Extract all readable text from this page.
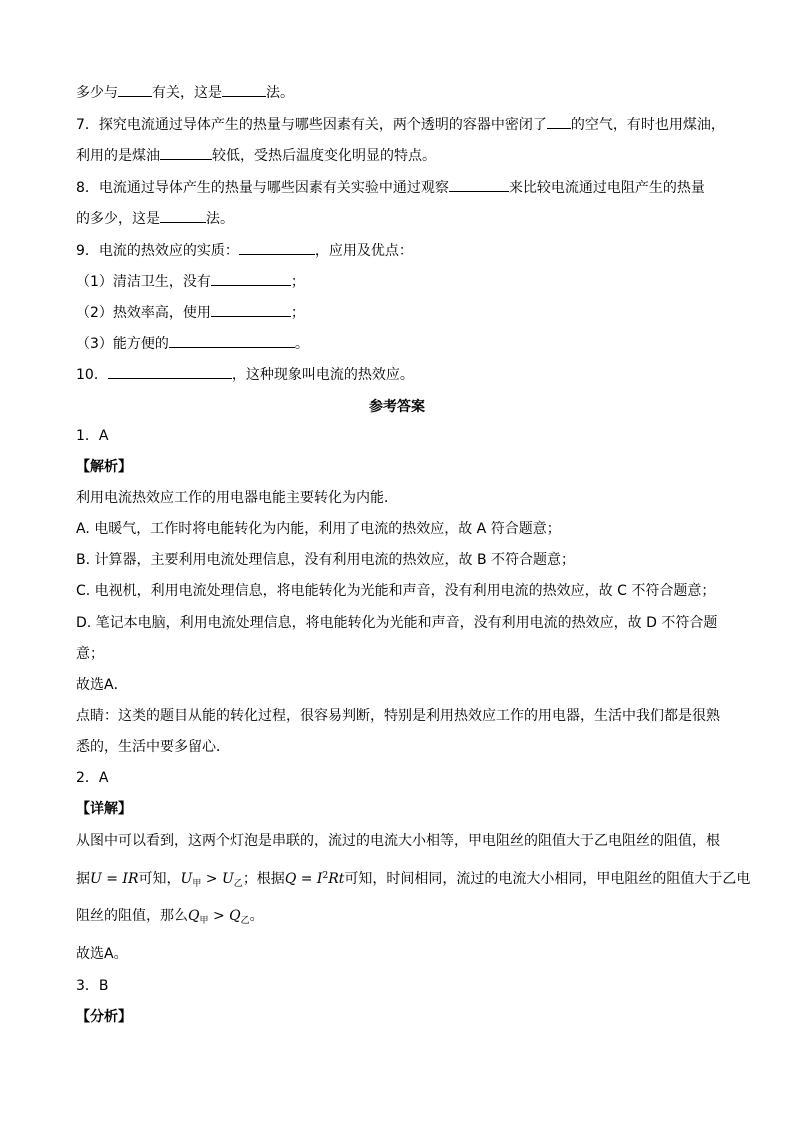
多少与 有关，这是	法。
7．探究电流通过导体产生的热量与哪些因素有关，两个透明的容器中密闭了 的空气，有时也用煤油，
利用的是煤油	较低，受热后温度变化明显的特点。
8．电流通过导体产生的热量与哪些因素有关实验中通过观察	来比较电流通过电阻产生的热量
的多少，这是	法。
9．电流的热效应的实质：	，应用及优点：
（1）清洁卫生，没有	；
（2）热效率高，使用	；
（3）能方便的	。
10．	，这种现象叫电流的热效应。
参考答案
1．A
【解析】
利用电流热效应工作的用电器电能主要转化为内能．
A. 电暖气，工作时将电能转化为内能，利用了电流的热效应，故 A 符合题意；
B. 计算器，主要利用电流处理信息，没有利用电流的热效应，故 B 不符合题意；
C. 电视机，利用电流处理信息，将电能转化为光能和声音，没有利用电流的热效应，故 C 不符合题意；
D. 笔记本电脑，利用电流处理信息，将电能转化为光能和声音，没有利用电流的热效应，故 D 不符合题
意；
故选A．
点睛：这类的题目从能的转化过程，很容易判断，特别是利用热效应工作的用电器，生活中我们都是很熟
悉的，生活中要多留心．
2．A
【详解】
从图中可以看到，这两个灯泡是串联的，流过的电流大小相等，甲电阻丝的阻值大于乙电阻丝的阻值，根
据U = IR可知，$U_甲 > U_乙$；根据$Q = I^2Rt$可知，时间相同，流过的电流大小相同，甲电阻丝的阻值大于乙电
阻丝的阻值，那么$Q_甲 > Q_乙$。
故选A。
3．B
【分析】
